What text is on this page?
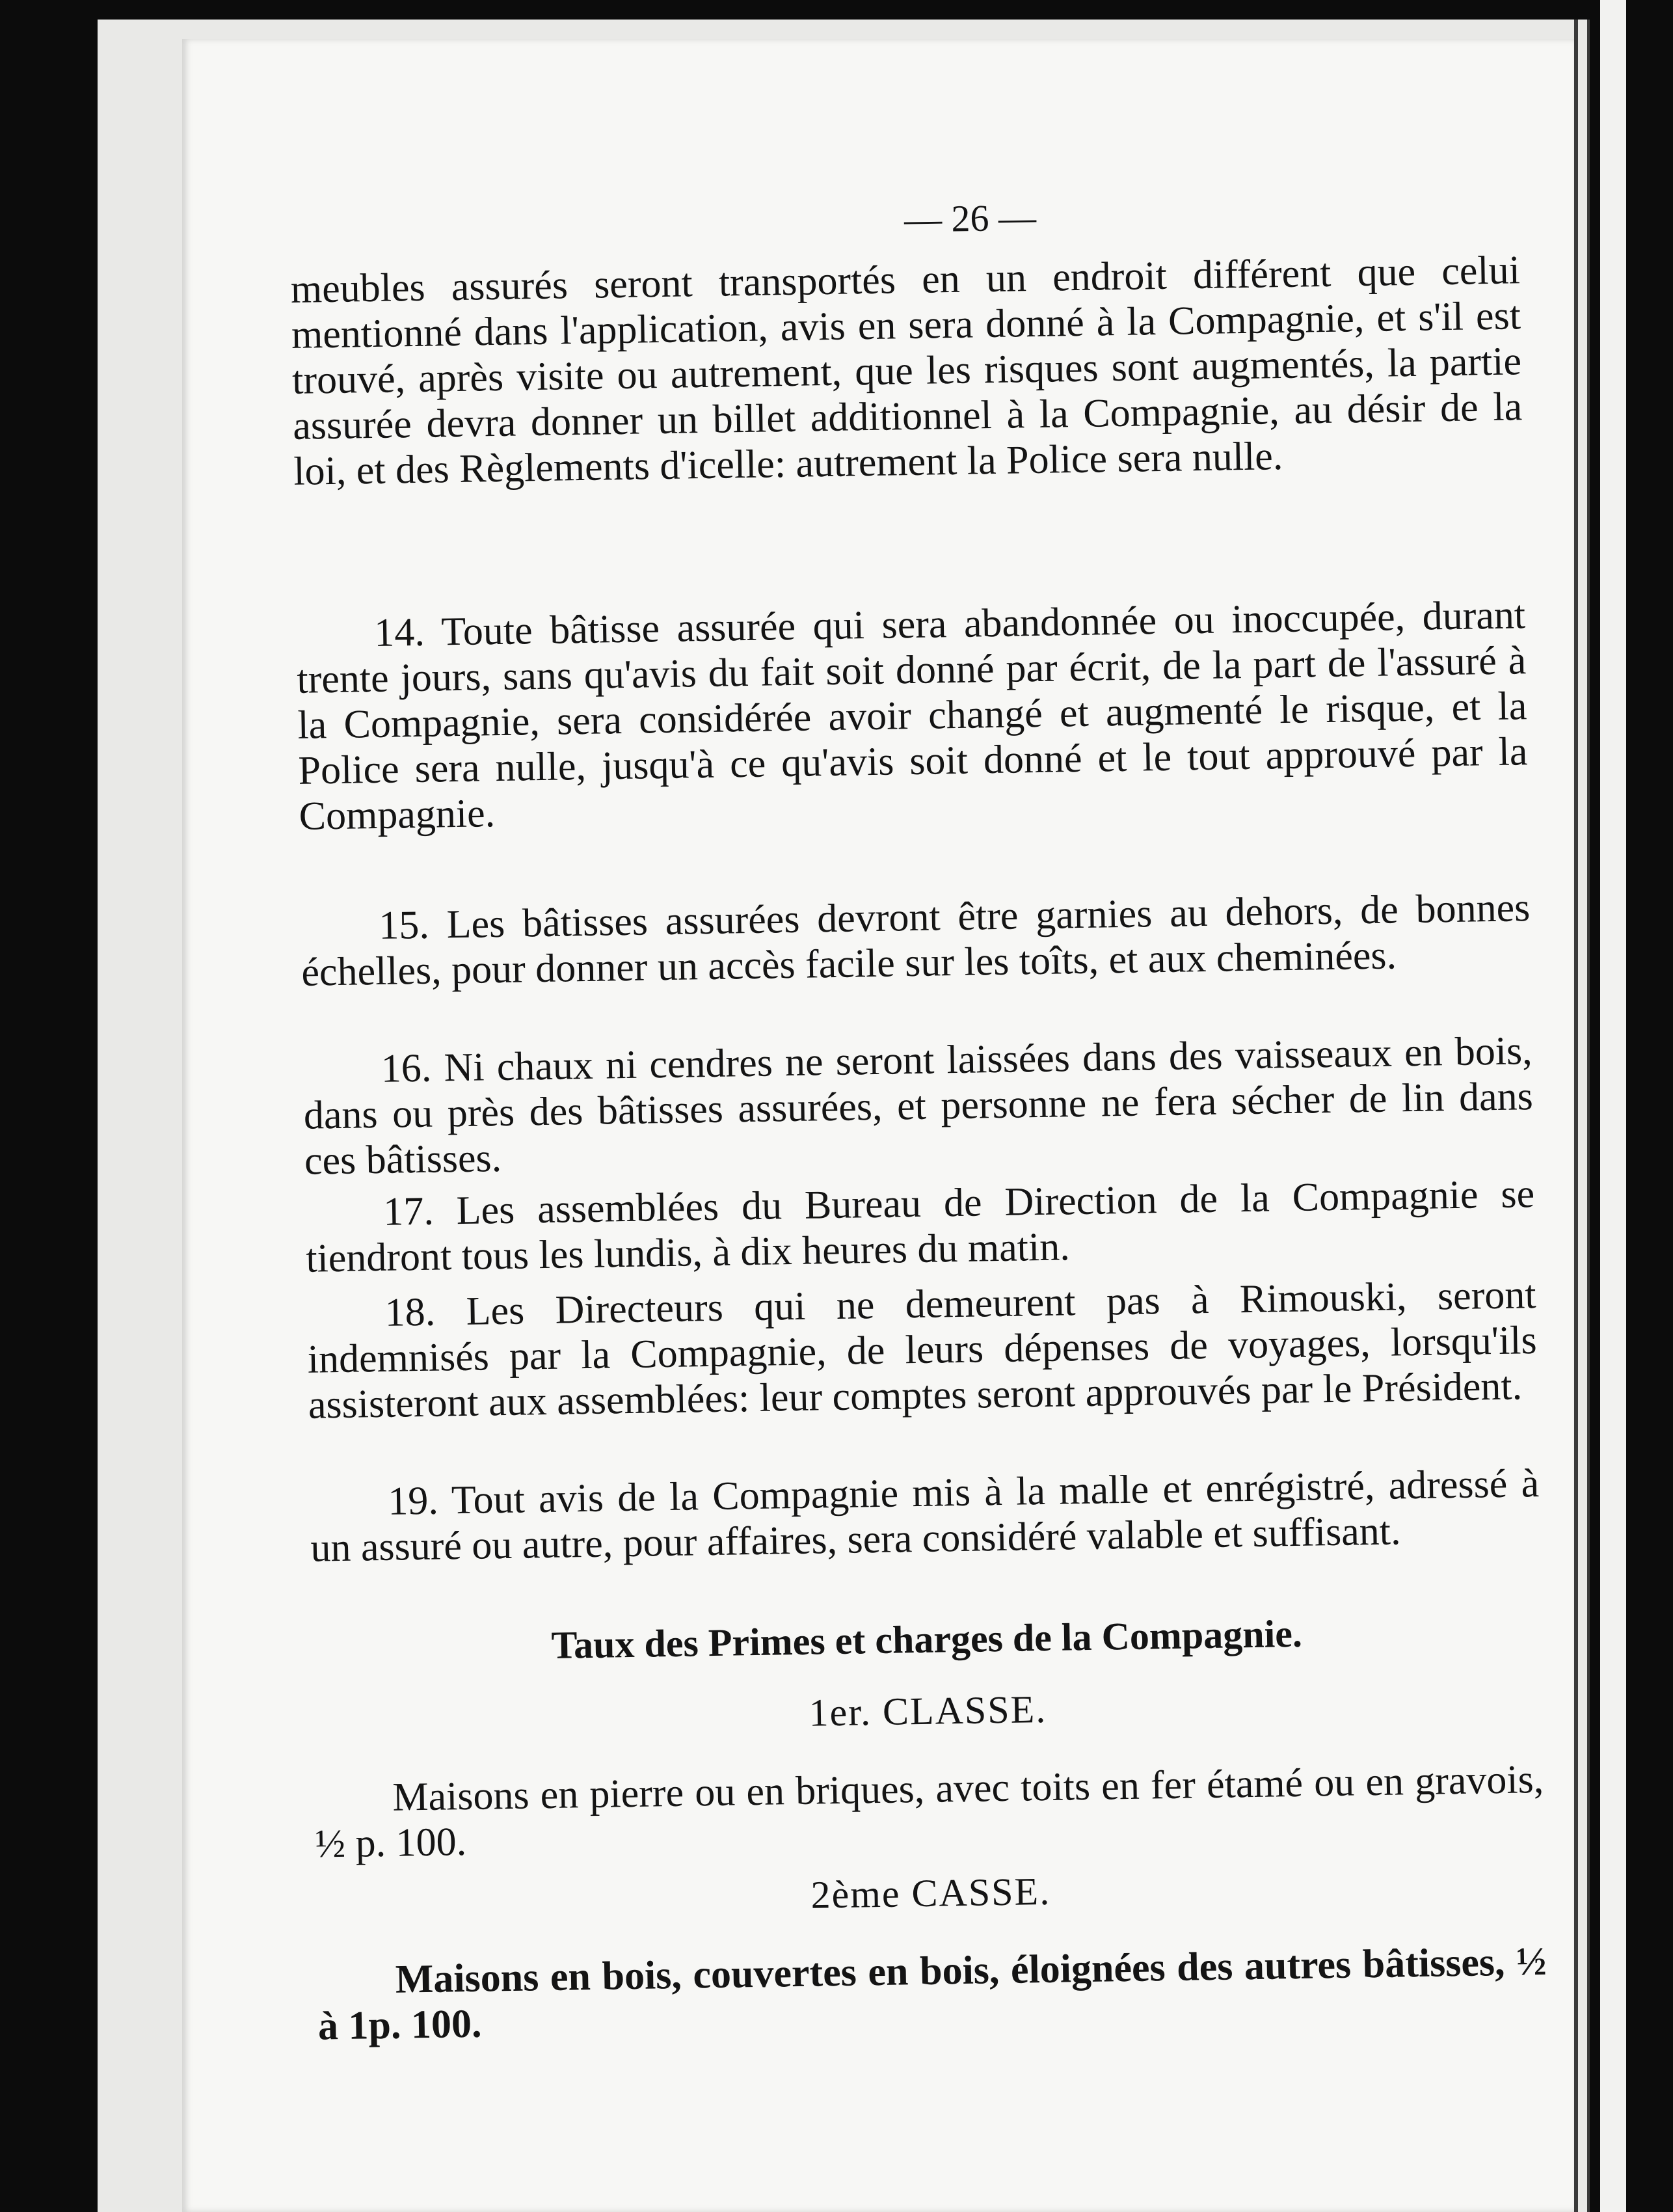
— 26 —
meubles assurés seront transportés en un endroit différent que celui mentionné dans l'application, avis en sera donné à la Compagnie, et s'il est trouvé, après visite ou autrement, que les risques sont augmentés, la partie assurée devra donner un billet additionnel à la Compagnie, au désir de la loi, et des Règlements d'icelle: autrement la Police sera nulle.
14. Toute bâtisse assurée qui sera abandonnée ou inoccupée, durant trente jours, sans qu'avis du fait soit donné par écrit, de la part de l'assuré à la Compagnie, sera considérée avoir changé et augmenté le risque, et la Police sera nulle, jusqu'à ce qu'avis soit donné et le tout approuvé par la Compagnie.
15. Les bâtisses assurées devront être garnies au dehors, de bonnes échelles, pour donner un accès facile sur les toîts, et aux cheminées.
16. Ni chaux ni cendres ne seront laissées dans des vaisseaux en bois, dans ou près des bâtisses assurées, et personne ne fera sécher de lin dans ces bâtisses.
17. Les assemblées du Bureau de Direction de la Compagnie se tiendront tous les lundis, à dix heures du matin.
18. Les Directeurs qui ne demeurent pas à Rimouski, seront indemnisés par la Compagnie, de leurs dépenses de voyages, lorsqu'ils assisteront aux assemblées: leur comptes seront approuvés par le Président.
19. Tout avis de la Compagnie mis à la malle et enrégistré, adressé à un assuré ou autre, pour affaires, sera considéré valable et suffisant.
Taux des Primes et charges de la Compagnie.
1er. CLASSE.
Maisons en pierre ou en briques, avec toits en fer étamé ou en gravois, ½ p. 100.
2ème CASSE.
Maisons en bois, couvertes en bois, éloignées des autres bâtisses, ½ à 1p. 100.
